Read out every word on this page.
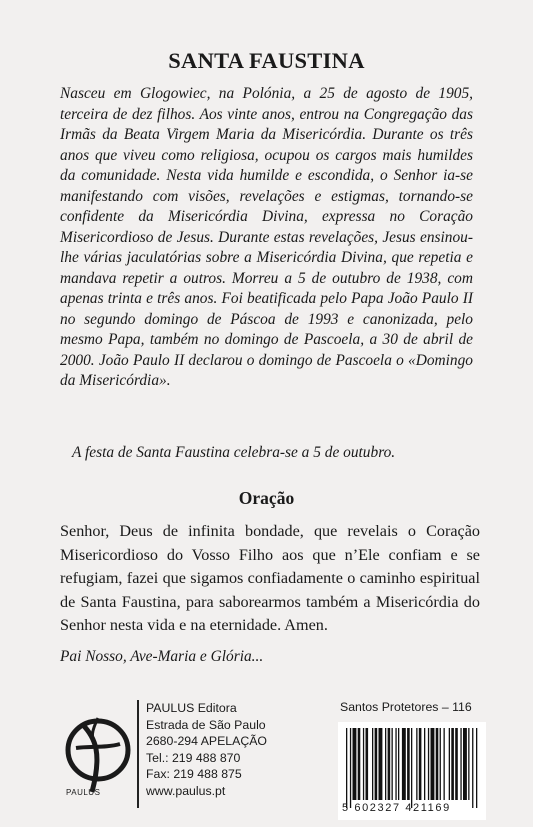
SANTA FAUSTINA

Nasceu em Glogowiec, na Polónia, a 25 de agosto de 1905, terceira de dez filhos. Aos vinte anos, entrou na Congregação das Irmãs da Beata Virgem Maria da Misericórdia. Durante os três anos que viveu como religiosa, ocupou os cargos mais humildes da comunidade. Nesta vida humilde e escondida, o Senhor ia-se manifestando com visões, revelações e estigmas, tornando-se confidente da Misericórdia Divina, expressa no Coração Misericordioso de Jesus. Durante estas revelações, Jesus ensinou-lhe várias jaculatórias sobre a Misericórdia Divina, que repetia e mandava repetir a outros. Morreu a 5 de outubro de 1938, com apenas trinta e três anos. Foi beatificada pelo Papa João Paulo II no segundo domingo de Páscoa de 1993 e canonizada, pelo mesmo Papa, também no domingo de Pascoela, a 30 de abril de 2000. João Paulo II declarou o domingo de Pascoela o «Domingo da Misericórdia».

A festa de Santa Faustina celebra-se a 5 de outubro.

Oração

Senhor, Deus de infinita bondade, que revelais o Coração Misericordioso do Vosso Filho aos que n’Ele confiam e se refugiam, fazei que sigamos confiadamente o caminho espiritual de Santa Faustina, para saborearmos também a Misericórdia do Senhor nesta vida e na eternidade. Amen.

Pai Nosso, Ave-Maria e Glória...

PAULUS
PAULUS Editora
Estrada de São Paulo
2680-294 APELAÇÃO
Tel.: 219 488 870
Fax: 219 488 875
www.paulus.pt
Santos Protetores – 116
5 602327 421169
